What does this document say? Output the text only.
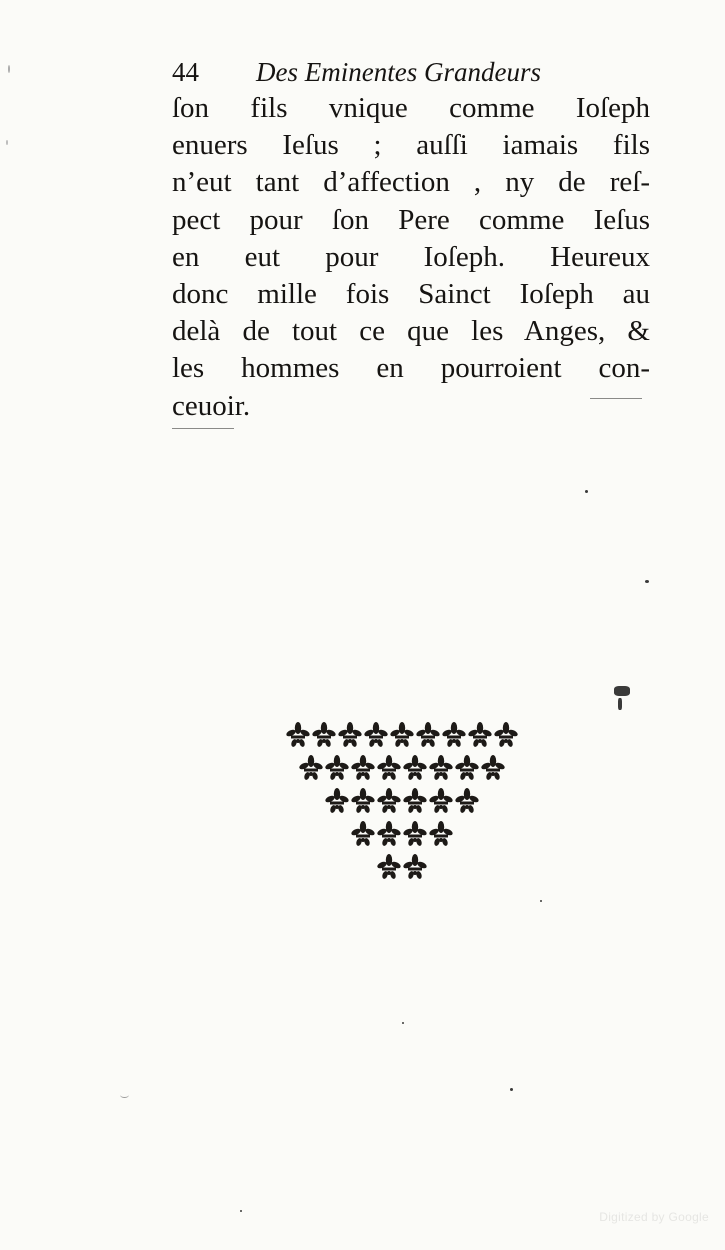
44 Des Eminentes Grandeurs
ſon fils vnique comme Ioſeph
enuers Ieſus ; auſſi iamais fils
n’eut tant d’affection , ny de reſ-
pect pour ſon Pere comme Ieſus
en eut pour Ioſeph. Heureux
donc mille fois Sainct Ioſeph au
delà de tout ce que les Anges, &
les hommes en pourroient con-
ceuoir.
Digitized by Google
